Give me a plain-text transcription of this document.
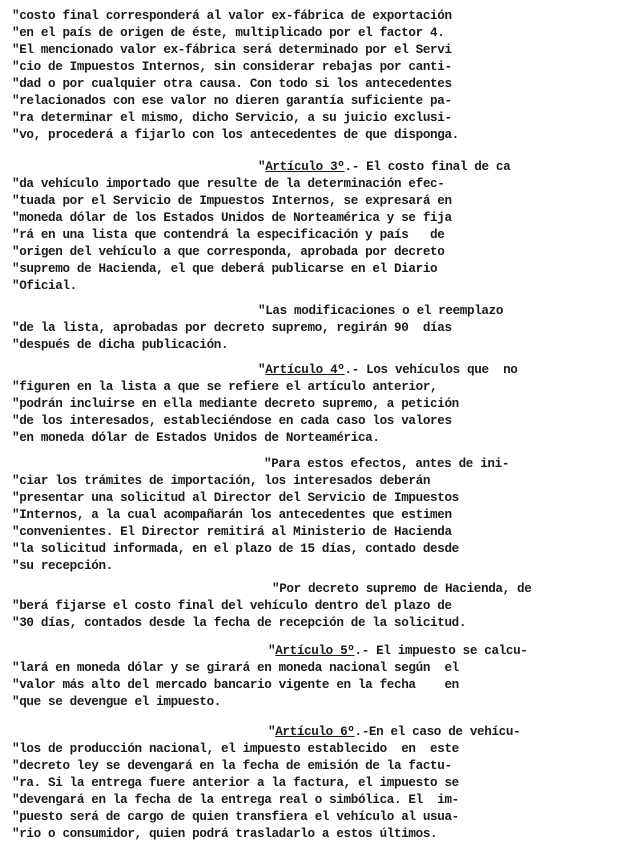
"costo final corresponderá al valor ex-fábrica de exportación
"en el país de origen de éste, multiplicado por el factor 4.
"El mencionado valor ex-fábrica será determinado por el Servi
"cio de Impuestos Internos, sin considerar rebajas por canti-
"dad o por cualquier otra causa. Con todo si los antecedentes
"relacionados con ese valor no dieren garantía suficiente pa-
"ra determinar el mismo, dicho Servicio, a su juicio exclusi-
"vo, procederá a fijarlo con los antecedentes de que disponga.
"Artículo 3º.- El costo final de ca
"da vehículo importado que resulte de la determinación efec-
"tuada por el Servicio de Impuestos Internos, se expresará en
"moneda dólar de los Estados Unidos de Norteamérica y se fija
"rá en una lista que contendrá la especificación y país   de
"origen del vehículo a que corresponda, aprobada por decreto
"supremo de Hacienda, el que deberá publicarse en el Diario
"Oficial.
"Las modificaciones o el reemplazo
"de la lista, aprobadas por decreto supremo, regirán 90  días
"después de dicha publicación.
"Artículo 4º.- Los vehículos que  no
"figuren en la lista a que se refiere el artículo anterior,
"podrán incluirse en ella mediante decreto supremo, a petición
"de los interesados, estableciéndose en cada caso los valores
"en moneda dólar de Estados Unidos de Norteamérica.
"Para estos efectos, antes de ini-
"ciar los trámites de importación, los interesados deberán
"presentar una solicitud al Director del Servicio de Impuestos
"Internos, a la cual acompañarán los antecedentes que estimen
"convenientes. El Director remitirá al Ministerio de Hacienda
"la solicitud informada, en el plazo de 15 días, contado desde
"su recepción.
"Por decreto supremo de Hacienda, de
"berá fijarse el costo final del vehículo dentro del plazo de
"30 días, contados desde la fecha de recepción de la solicitud.
"Artículo 5º.- El impuesto se calcu-
"lará en moneda dólar y se girará en moneda nacional según  el
"valor más alto del mercado bancario vigente en la fecha    en
"que se devengue el impuesto.
"Artículo 6º.-En el caso de vehícu-
"los de producción nacional, el impuesto establecido  en  este
"decreto ley se devengará en la fecha de emisión de la factu-
"ra. Si la entrega fuere anterior a la factura, el impuesto se
"devengará en la fecha de la entrega real o simbólica. El  im-
"puesto será de cargo de quien transfiera el vehículo al usua-
"rio o consumidor, quien podrá trasladarlo a estos últimos.
